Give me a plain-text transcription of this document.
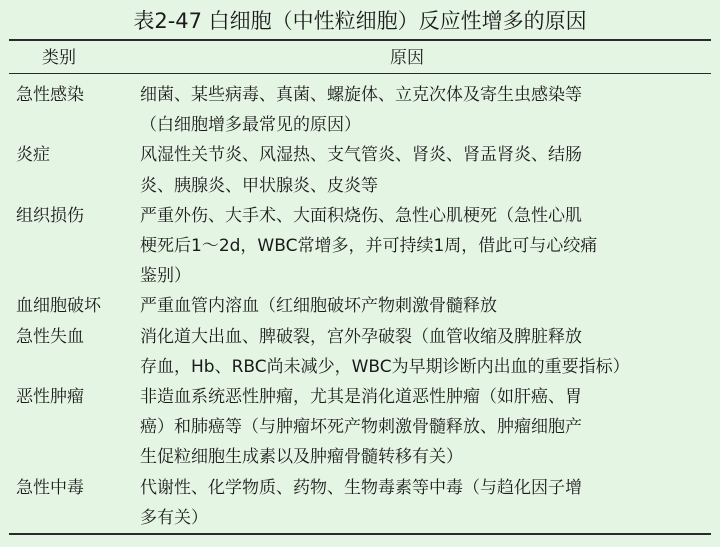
表2-47 白细胞（中性粒细胞）反应性增多的原因
类别	原因
急性感染	细菌、某些病毒、真菌、螺旋体、立克次体及寄生虫感染等
（白细胞增多最常见的原因）
炎症	风湿性关节炎、风湿热、支气管炎、肾炎、肾盂肾炎、结肠
炎、胰腺炎、甲状腺炎、皮炎等
组织损伤	严重外伤、大手术、大面积烧伤、急性心肌梗死（急性心肌
梗死后1～2d，WBC常增多，并可持续1周，借此可与心绞痛
鉴别）
血细胞破坏	严重血管内溶血（红细胞破坏产物刺激骨髓释放
急性失血	消化道大出血、脾破裂，宫外孕破裂（血管收缩及脾脏释放
存血，Hb、RBC尚未减少，WBC为早期诊断内出血的重要指标）
恶性肿瘤	非造血系统恶性肿瘤，尤其是消化道恶性肿瘤（如肝癌、胃
癌）和肺癌等（与肿瘤坏死产物刺激骨髓释放、肿瘤细胞产
生促粒细胞生成素以及肿瘤骨髓转移有关）
急性中毒	代谢性、化学物质、药物、生物毒素等中毒（与趋化因子增
多有关）
